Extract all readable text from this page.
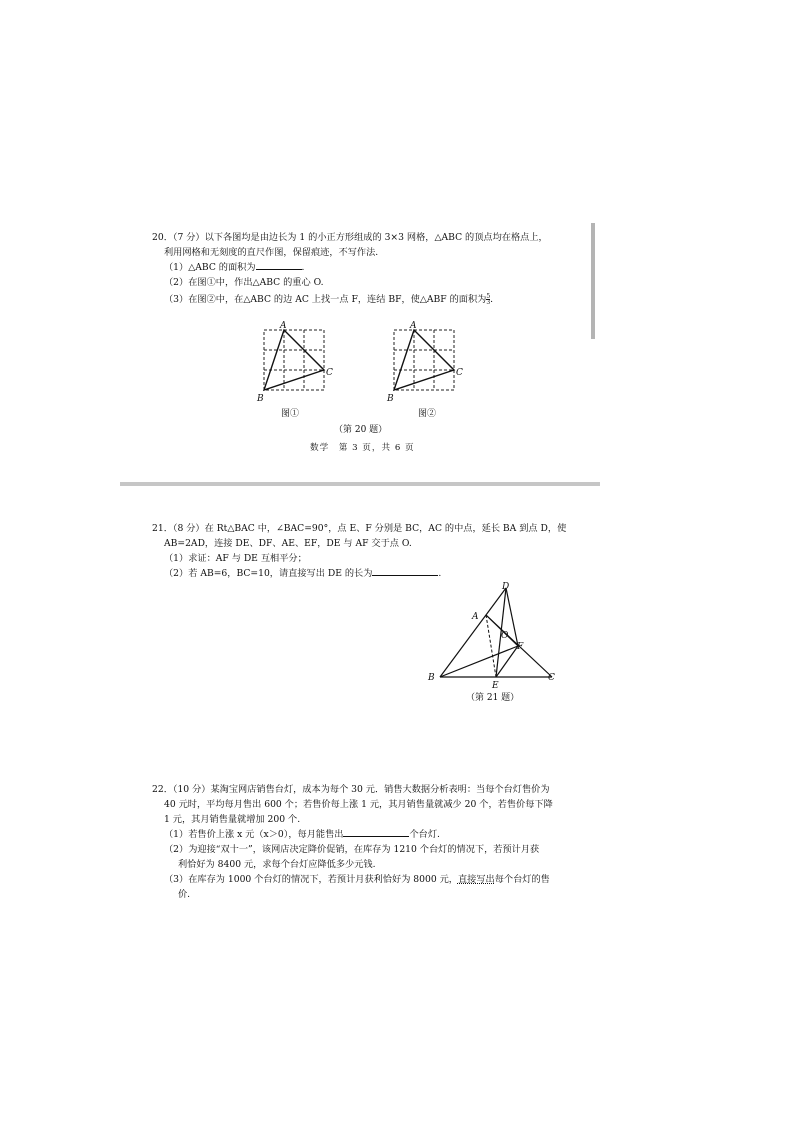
20．（7 分）以下各图均是由边长为 1 的小正方形组成的 3×3 网格，△ABC 的顶点均在格点上，

利用网格和无刻度的直尺作图，保留痕迹，不写作法.

（1）△ABC 的面积为	.

（2）在图①中，作出△ABC 的重心 O.

（3）在图②中，在△ABC 的边 AC 上找一点 F，连结 BF，使△ABF 的面积为 $\frac{5}{3}$ .

A
C
B
图①
A
C
B
图②
（第 20 题）
数学　第 3 页，共 6 页

21．（8 分）在 Rt△BAC 中，∠BAC=90°，点 E、F 分别是 BC，AC 的中点，延长 BA 到点 D，使

AB=2AD，连接 DE、DF、AE、EF，DE 与 AF 交于点 O.

（1）求证：AF 与 DE 互相平分；

（2）若 AB=6，BC=10，请直接写出 DE 的长为	.

D
A
O
F
B	C
E
（第 21 题）

22．（10 分）某淘宝网店销售台灯，成本为每个 30 元．销售大数据分析表明：当每个台灯售价为

40 元时，平均每月售出 600 个；若售价每上涨 1 元，其月销售量就减少 20 个，若售价每下降

1 元，其月销售量就增加 200 个.

（1）若售价上涨 x 元（x＞0），每月能售出	个台灯.

（2）为迎接“双十一”，该网店决定降价促销，在库存为 1210 个台灯的情况下，若预计月获

利恰好为 8400 元，求每个台灯应降低多少元钱.

（3）在库存为 1000 个台灯的情况下，若预计月获利恰好为 8000 元，直接写出每个台灯的售

价.
